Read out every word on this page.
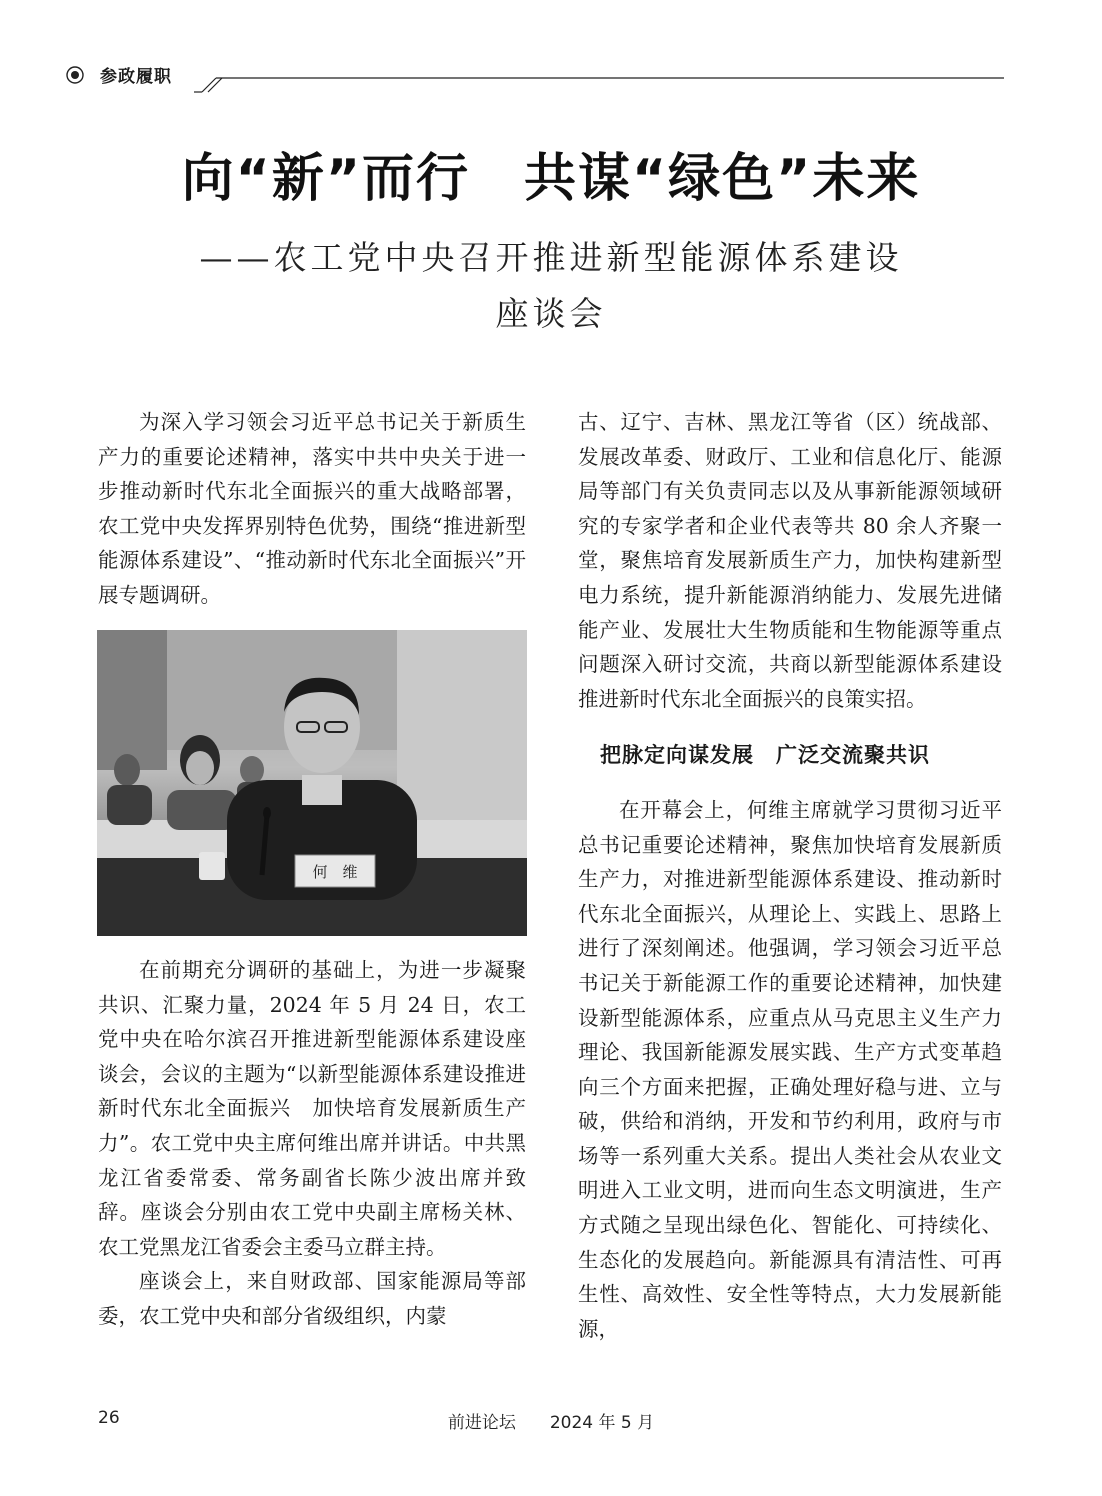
参政履职
向“新”而行　共谋“绿色”未来
——农工党中央召开推进新型能源体系建设
座谈会

为深入学习领会习近平总书记关于新质生产力的重要论述精神，落实中共中央关于进一步推动新时代东北全面振兴的重大战略部署，农工党中央发挥界别特色优势，围绕“推进新型能源体系建设”、“推动新时代东北全面振兴”开展专题调研。

何　维

在前期充分调研的基础上，为进一步凝聚共识、汇聚力量，2024 年 5 月 24 日，农工党中央在哈尔滨召开推进新型能源体系建设座谈会，会议的主题为“以新型能源体系建设推进新时代东北全面振兴　加快培育发展新质生产力”。农工党中央主席何维出席并讲话。中共黑龙江省委常委、常务副省长陈少波出席并致辞。座谈会分别由农工党中央副主席杨关林、农工党黑龙江省委会主委马立群主持。

座谈会上，来自财政部、国家能源局等部委，农工党中央和部分省级组织，内蒙

古、辽宁、吉林、黑龙江等省（区）统战部、发展改革委、财政厅、工业和信息化厅、能源局等部门有关负责同志以及从事新能源领域研究的专家学者和企业代表等共 80 余人齐聚一堂，聚焦培育发展新质生产力，加快构建新型电力系统，提升新能源消纳能力、发展先进储能产业、发展壮大生物质能和生物能源等重点问题深入研讨交流，共商以新型能源体系建设推进新时代东北全面振兴的良策实招。

把脉定向谋发展　广泛交流聚共识

在开幕会上，何维主席就学习贯彻习近平总书记重要论述精神，聚焦加快培育发展新质生产力，对推进新型能源体系建设、推动新时代东北全面振兴，从理论上、实践上、思路上进行了深刻阐述。他强调，学习领会习近平总书记关于新能源工作的重要论述精神，加快建设新型能源体系，应重点从马克思主义生产力理论、我国新能源发展实践、生产方式变革趋向三个方面来把握，正确处理好稳与进、立与破，供给和消纳，开发和节约利用，政府与市场等一系列重大关系。提出人类社会从农业文明进入工业文明，进而向生态文明演进，生产方式随之呈现出绿色化、智能化、可持续化、生态化的发展趋向。新能源具有清洁性、可再生性、高效性、安全性等特点，大力发展新能源，

26	前进论坛　　2024 年 5 月
